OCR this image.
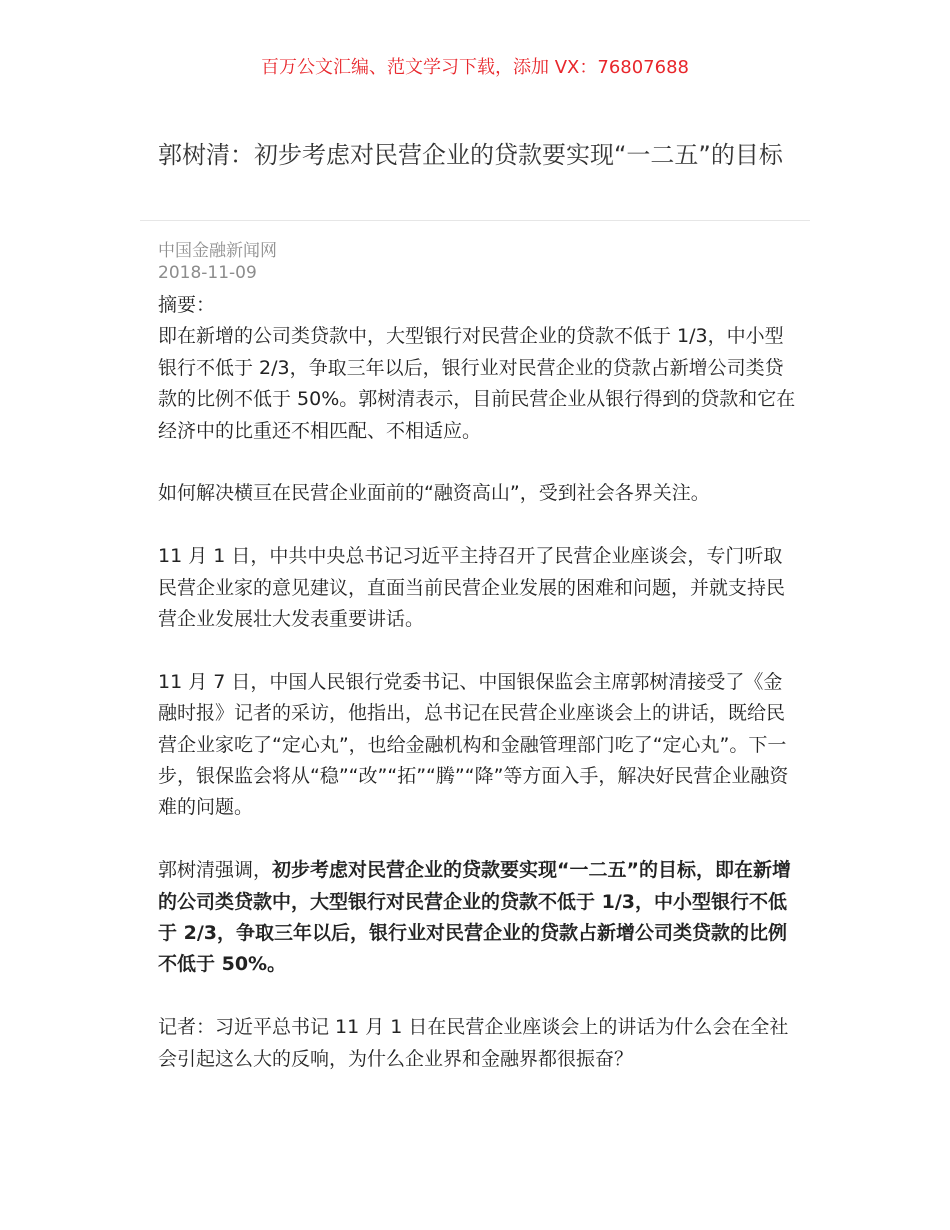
百万公文汇编、范文学习下载，添加 VX：76807688
郭树清：初步考虑对民营企业的贷款要实现“一二五”的目标
中国金融新闻网
2018-11-09

摘要：

即在新增的公司类贷款中，大型银行对民营企业的贷款不低于 1/3，中小型银行不低于 2/3，争取三年以后，银行业对民营企业的贷款占新增公司类贷款的比例不低于 50%。郭树清表示，目前民营企业从银行得到的贷款和它在经济中的比重还不相匹配、不相适应。

如何解决横亘在民营企业面前的“融资高山”，受到社会各界关注。

11 月 1 日，中共中央总书记习近平主持召开了民营企业座谈会，专门听取民营企业家的意见建议，直面当前民营企业发展的困难和问题，并就支持民营企业发展壮大发表重要讲话。

11 月 7 日，中国人民银行党委书记、中国银保监会主席郭树清接受了《金融时报》记者的采访，他指出，总书记在民营企业座谈会上的讲话，既给民营企业家吃了“定心丸”，也给金融机构和金融管理部门吃了“定心丸”。下一步，银保监会将从“稳”“改”“拓”“腾”“降”等方面入手，解决好民营企业融资难的问题。

郭树清强调，初步考虑对民营企业的贷款要实现“一二五”的目标，即在新增的公司类贷款中，大型银行对民营企业的贷款不低于 1/3，中小型银行不低于 2/3，争取三年以后，银行业对民营企业的贷款占新增公司类贷款的比例不低于 50%。

记者：习近平总书记 11 月 1 日在民营企业座谈会上的讲话为什么会在全社会引起这么大的反响，为什么企业界和金融界都很振奋？
